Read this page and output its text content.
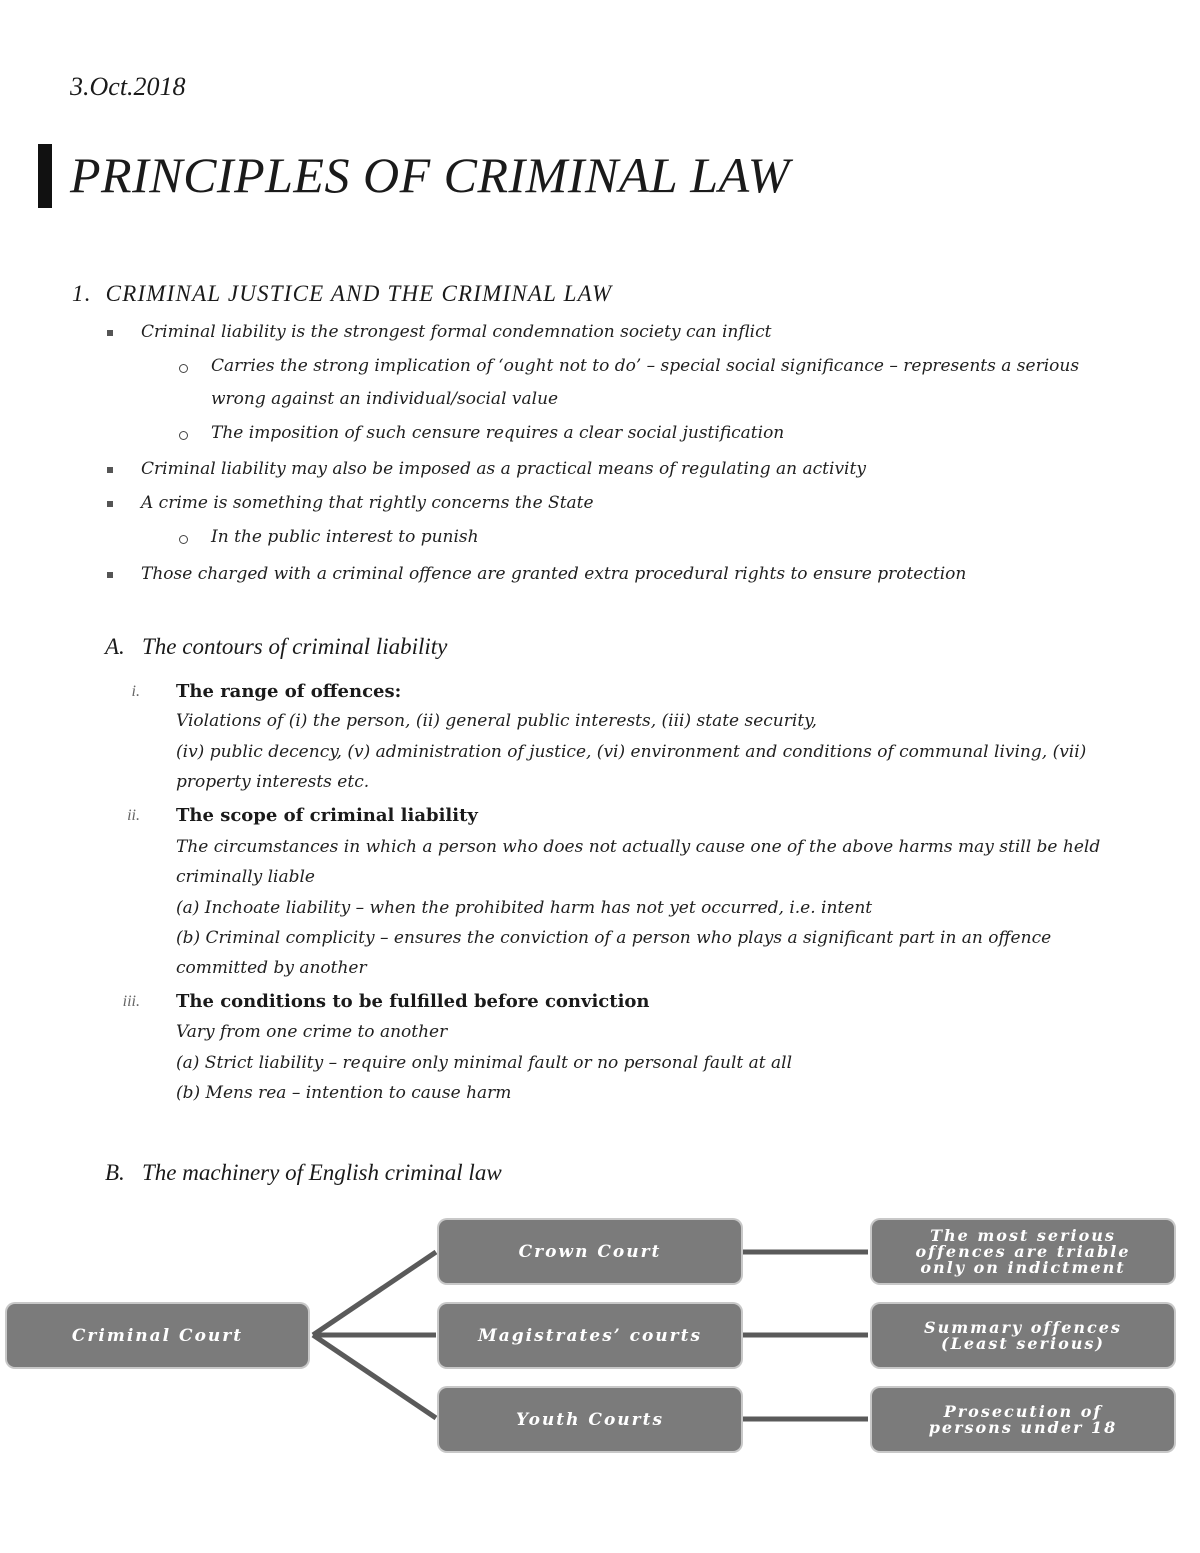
3.Oct.2018
PRINCIPLES OF CRIMINAL LAW
1. CRIMINAL JUSTICE AND THE CRIMINAL LAW
Criminal liability is the strongest formal condemnation society can inflict
Carries the strong implication of ‘ought not to do’ – special social significance – represents a serious
wrong against an individual/social value
The imposition of such censure requires a clear social justification
Criminal liability may also be imposed as a practical means of regulating an activity
A crime is something that rightly concerns the State
In the public interest to punish
Those charged with a criminal offence are granted extra procedural rights to ensure protection
A. The contours of criminal liability
i. The range of offences:
Violations of (i) the person, (ii) general public interests, (iii) state security,
(iv) public decency, (v) administration of justice, (vi) environment and conditions of communal living, (vii)
property interests etc.
ii. The scope of criminal liability
The circumstances in which a person who does not actually cause one of the above harms may still be held
criminally liable
(a) Inchoate liability – when the prohibited harm has not yet occurred, i.e. intent
(b) Criminal complicity – ensures the conviction of a person who plays a significant part in an offence
committed by another
iii. The conditions to be fulfilled before conviction
Vary from one crime to another
(a) Strict liability – require only minimal fault or no personal fault at all
(b) Mens rea – intention to cause harm
B. The machinery of English criminal law
Criminal Court
Crown Court
Magistrates’ courts
Youth Courts
The most serious
offences are triable
only on indictment
Summary offences
(Least serious)
Prosecution of
persons under 18
